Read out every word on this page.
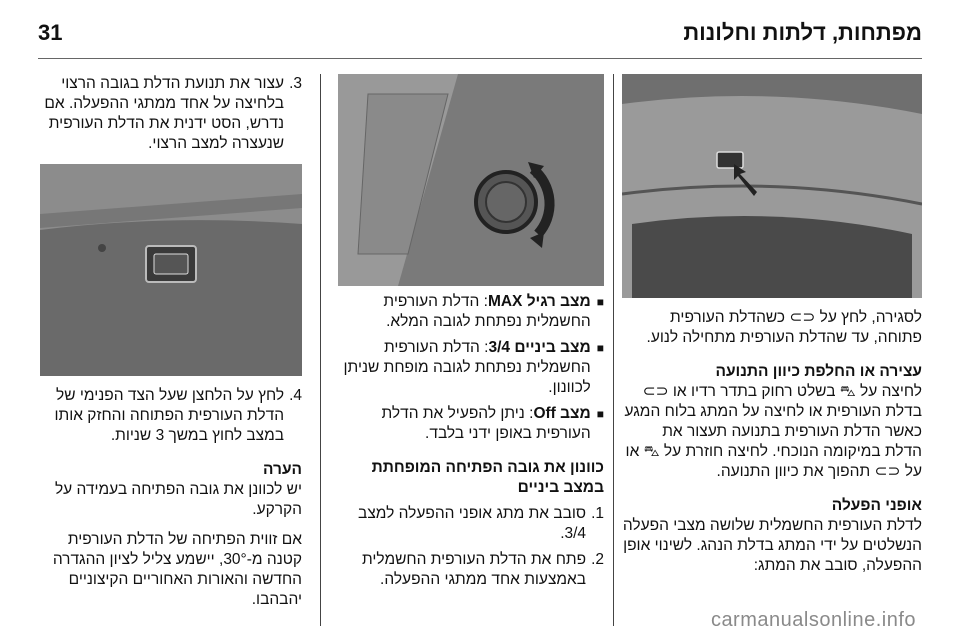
31	מפתחות, דלתות וחלונות

לסגירה, לחץ על ⊂⊃ כשהדלת העורפית פתוחה, עד שהדלת העורפית מתחילה לנוע.

עצירה או החלפת כיוון התנועה

לחיצה על ⛍ בשלט רחוק בתדר רדיו או ⊂⊃ בדלת העורפית או לחיצה על המתג בלוח המגע כאשר הדלת העורפית בתנועה תעצור את הדלת במיקומה הנוכחי. לחיצה חוזרת על ⛍ או על ⊂⊃ תהפוך את כיוון התנועה.

אופני הפעלה

לדלת העורפית החשמלית שלושה מצבי הפעלה הנשלטים על ידי המתג בדלת הנהג. לשינוי אופן ההפעלה, סובב את המתג:

■
מצב רגיל MAX: הדלת העורפית החשמלית נפתחת לגובה המלא.
■
מצב ביניים 3/4: הדלת העורפית החשמלית נפתחת לגובה מופחת שניתן לכוונון.
■
מצב Off: ניתן להפעיל את הדלת העורפית באופן ידני בלבד.

כוונון את גובה הפתיחה המופחתת במצב ביניים

1.
סובב את מתג אופני ההפעלה למצב 3/4.
2.
פתח את הדלת העורפית החשמלית באמצעות אחד ממתגי ההפעלה.
3.
עצור את תנועת הדלת בגובה הרצוי בלחיצה על אחד ממתגי ההפעלה. אם נדרש, הסט ידנית את הדלת העורפית שנעצרה למצב הרצוי.
4.
לחץ על הלחצן שעל הצד הפנימי של הדלת העורפית הפתוחה והחזק אותו במצב לחוץ במשך 3 שניות.

הערה

יש לכוונן את גובה הפתיחה בעמידה על הקרקע.

אם זווית הפתיחה של הדלת העורפית קטנה מ-30°, יישמע צליל לציון ההגדרה החדשה והאורות האחוריים הקיצוניים יהבהבו.

carmanualsonline.info
